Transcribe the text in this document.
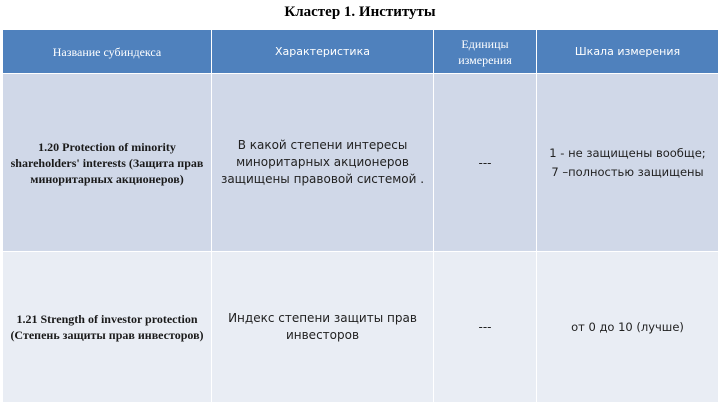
Кластер 1. Институты
Название субиндекса	Характеристика	Единицы измерения	Шкала измерения

1.20 Protection of minority shareholders' interests (Защита прав миноритарных акционеров)	В какой степени интересы миноритарных акционеров защищены правовой системой .	---	1 - не защищены вообще;
7 –полностью защищены

1.21 Strength of investor protection (Степень защиты прав инвесторов)	Индекс степени защиты прав инвесторов	---	от 0 до 10 (лучше)
